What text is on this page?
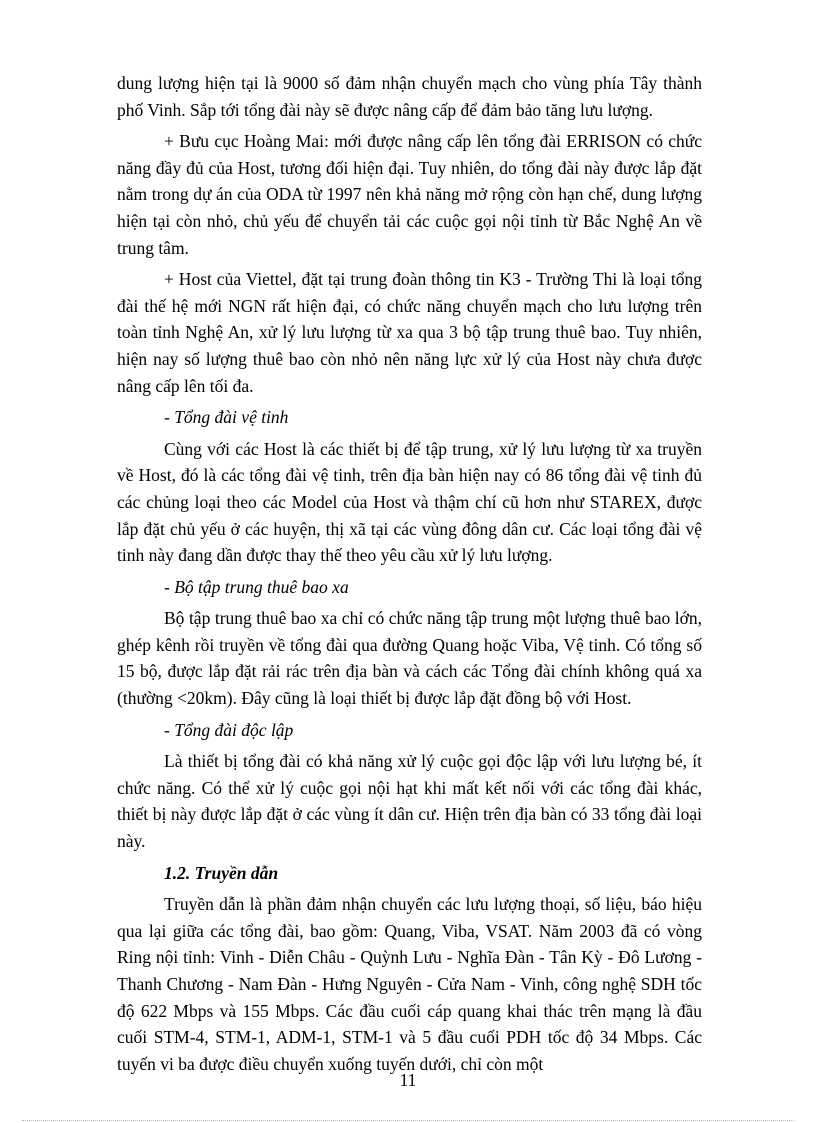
dung lượng hiện tại là 9000 số đảm nhận chuyển mạch cho vùng phía Tây thành phố Vinh. Sắp tới tổng đài này sẽ được nâng cấp để đảm bảo tăng lưu lượng.

+ Bưu cục Hoàng Mai: mới được nâng cấp lên tổng đài ERRISON có chức năng đầy đủ của Host, tương đối hiện đại. Tuy nhiên, do tổng đài này được lắp đặt nằm trong dự án của ODA từ 1997 nên khả năng mở rộng còn hạn chế, dung lượng hiện tại còn nhỏ, chủ yếu để chuyển tải các cuộc gọi nội tỉnh từ Bắc Nghệ An về trung tâm.

+ Host của Viettel, đặt tại trung đoàn thông tin K3 - Trường Thi là loại tổng đài thế hệ mới NGN rất hiện đại, có chức năng chuyển mạch cho lưu lượng trên toàn tỉnh Nghệ An, xử lý lưu lượng từ xa qua 3 bộ tập trung thuê bao. Tuy nhiên, hiện nay số lượng thuê bao còn nhỏ nên năng lực xử lý của Host này chưa được nâng cấp lên tối đa.

- Tổng đài vệ tinh

Cùng với các Host là các thiết bị để tập trung, xử lý lưu lượng từ xa truyền về Host, đó là các tổng đài vệ tinh, trên địa bàn hiện nay có 86 tổng đài vệ tinh đủ các chủng loại theo các Model của Host và thậm chí cũ hơn như STAREX, được lắp đặt chủ yếu ở các huyện, thị xã tại các vùng đông dân cư. Các loại tổng đài vệ tinh này đang dần được thay thế theo yêu cầu xử lý lưu lượng.

- Bộ tập trung thuê bao xa

Bộ tập trung thuê bao xa chỉ có chức năng tập trung một lượng thuê bao lớn, ghép kênh rồi truyền về tổng đài qua đường Quang hoặc Viba, Vệ tinh. Có tổng số 15 bộ, được lắp đặt rải rác trên địa bàn và cách các Tổng đài chính không quá xa (thường <20km). Đây cũng là loại thiết bị được lắp đặt đồng bộ với Host.

- Tổng đài độc lập

Là thiết bị tổng đài có khả năng xử lý cuộc gọi độc lập với lưu lượng bé, ít chức năng. Có thể xử lý cuộc gọi nội hạt khi mất kết nối với các tổng đài khác, thiết bị này được lắp đặt ở các vùng ít dân cư. Hiện trên địa bàn có 33 tổng đài loại này.

1.2. Truyền dẫn

Truyền dẫn là phần đảm nhận chuyển các lưu lượng thoại, số liệu, báo hiệu qua lại giữa các tổng đài, bao gồm: Quang, Viba, VSAT. Năm 2003 đã có vòng Ring nội tỉnh: Vinh - Diễn Châu - Quỳnh Lưu - Nghĩa Đàn - Tân Kỳ - Đô Lương - Thanh Chương - Nam Đàn - Hưng Nguyên - Cửa Nam - Vinh, công nghệ SDH tốc độ 622 Mbps và 155 Mbps. Các đầu cuối cáp quang khai thác trên mạng là đầu cuối STM-4, STM-1, ADM-1, STM-1 và 5 đầu cuối PDH tốc độ 34 Mbps. Các tuyến vi ba được điều chuyển xuống tuyến dưới, chỉ còn một

11
